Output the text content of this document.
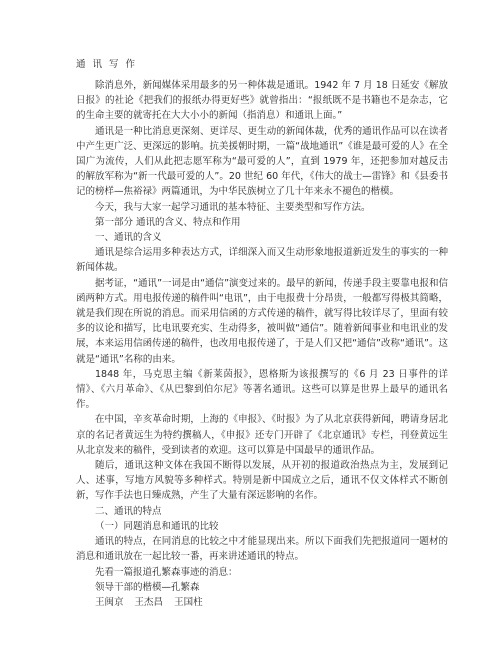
通 讯 写 作

除消息外，新闻媒体采用最多的另一种体裁是通讯。1942 年 7 月 18 日延安《解放日报》的社论《把我们的报纸办得更好些》就曾指出：“报纸既不是书籍也不是杂志，它的生命主要的就寄托在大大小小的新闻（指消息）和通讯上面。”

通讯是一种比消息更深刻、更详尽、更生动的新闻体裁，优秀的通讯作品可以在读者中产生更广泛、更深远的影响。抗美援朝时期，一篇“战地通讯”《谁是最可爱的人》在全国广为流传，人们从此把志愿军称为“最可爱的人”，直到 1979 年，还把参加对越反击的解放军称为“新一代最可爱的人”。20 世纪 60 年代，《伟大的战士—雷锋》和《县委书记的榜样—焦裕禄》两篇通讯，为中华民族树立了几十年来永不褪色的楷模。

今天，我与大家一起学习通讯的基本特征、主要类型和写作方法。

第一部分 通讯的含义、特点和作用

一、通讯的含义

通讯是综合运用多种表达方式，详细深入而又生动形象地报道新近发生的事实的一种新闻体裁。

据考证，“通讯”一词是由“通信”演变过来的。最早的新闻，传递手段主要靠电报和信函两种方式。用电报传递的稿件叫“电讯”，由于电报费十分昂贵，一般都写得极其简略，就是我们现在所说的消息。而采用信函的方式传递的稿件，就写得比较详尽了，里面有较多的议论和描写，比电讯要充实、生动得多，被叫做“通信”。随着新闻事业和电讯业的发展，本来运用信函传递的稿件，也改用电报传递了，于是人们又把“通信”改称“通讯”。这就是“通讯”名称的由来。

1848 年，马克思主编《新莱茵报》，恩格斯为该报撰写的《6 月 23 日事件的详情》、《六月革命》、《从巴黎到伯尔尼》等著名通讯。这些可以算是世界上最早的通讯名作。

在中国，辛亥革命时期，上海的《申报》、《时报》为了从北京获得新闻，聘请身居北京的名记者黄远生为特约撰稿人，《申报》还专门开辟了《北京通讯》专栏，刊登黄远生从北京发来的稿件，受到读者的欢迎。这可以算是中国最早的通讯作品。

随后，通讯这种文体在我国不断得以发展，从开初的报道政治热点为主，发展到记人、述事，写地方风貌等多种样式。特别是新中国成立之后，通讯不仅文体样式不断创新，写作手法也日臻成熟，产生了大量有深远影响的名作。

二、通讯的特点

（一）同题消息和通讯的比较

通讯的特点，在同消息的比较之中才能显现出来。所以下面我们先把报道同一题材的消息和通讯放在一起比较一番，再来讲述通讯的特点。

先看一篇报道孔繁森事迹的消息：

领导干部的楷模—孔繁森

王闽京 王杰昌 王国柱
